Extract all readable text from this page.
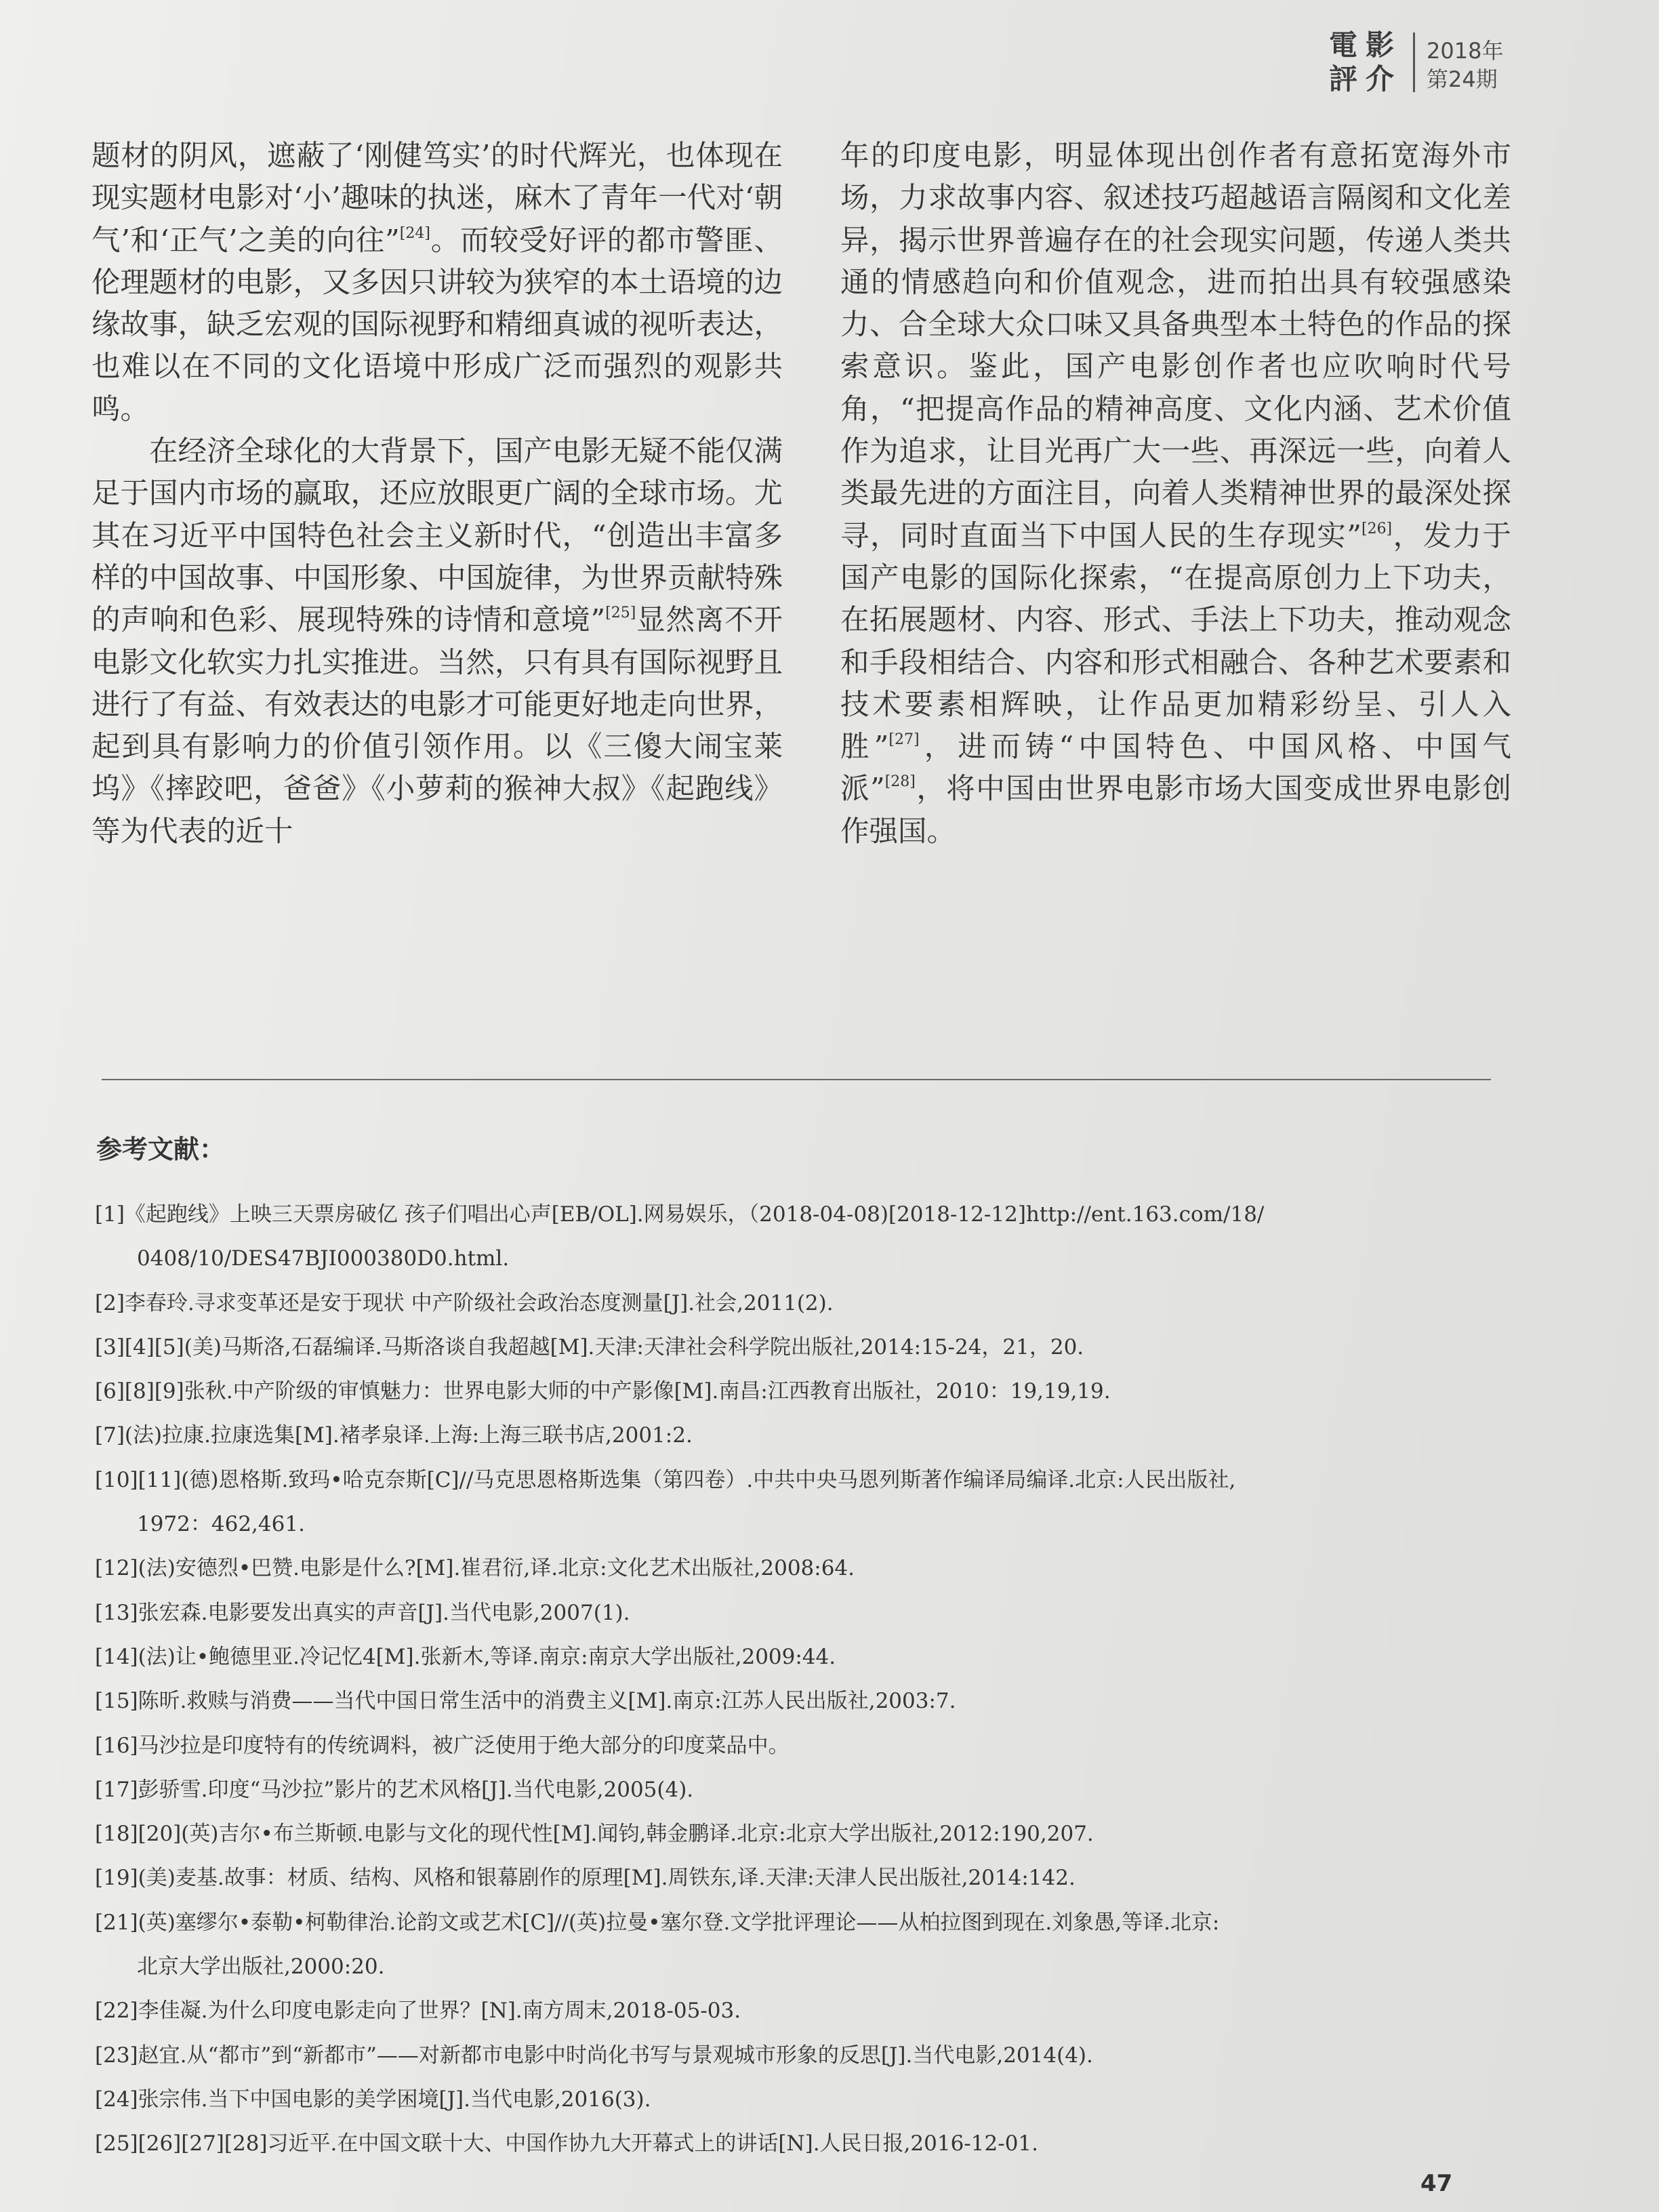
電 影
評 介
2018年
第24期

题材的阴风，遮蔽了‘刚健笃实’的时代辉光，也体现在现实题材电影对‘小’趣味的执迷，麻木了青年一代对‘朝气’和‘正气’之美的向往”[24]。而较受好评的都市警匪、伦理题材的电影，又多因只讲较为狭窄的本土语境的边缘故事，缺乏宏观的国际视野和精细真诚的视听表达，也难以在不同的文化语境中形成广泛而强烈的观影共鸣。

在经济全球化的大背景下，国产电影无疑不能仅满足于国内市场的赢取，还应放眼更广阔的全球市场。尤其在习近平中国特色社会主义新时代，“创造出丰富多样的中国故事、中国形象、中国旋律，为世界贡献特殊的声响和色彩、展现特殊的诗情和意境”[25]显然离不开电影文化软实力扎实推进。当然，只有具有国际视野且进行了有益、有效表达的电影才可能更好地走向世界，起到具有影响力的价值引领作用。以《三傻大闹宝莱坞》《摔跤吧，爸爸》《小萝莉的猴神大叔》《起跑线》等为代表的近十

年的印度电影，明显体现出创作者有意拓宽海外市场，力求故事内容、叙述技巧超越语言隔阂和文化差异，揭示世界普遍存在的社会现实问题，传递人类共通的情感趋向和价值观念，进而拍出具有较强感染力、合全球大众口味又具备典型本土特色的作品的探索意识。鉴此，国产电影创作者也应吹响时代号角，“把提高作品的精神高度、文化内涵、艺术价值作为追求，让目光再广大一些、再深远一些，向着人类最先进的方面注目，向着人类精神世界的最深处探寻，同时直面当下中国人民的生存现实”[26]，发力于国产电影的国际化探索，“在提高原创力上下功夫，在拓展题材、内容、形式、手法上下功夫，推动观念和手段相结合、内容和形式相融合、各种艺术要素和技术要素相辉映，让作品更加精彩纷呈、引人入胜”[27]，进而铸“中国特色、中国风格、中国气派”[28]，将中国由世界电影市场大国变成世界电影创作强国。

参考文献：
[1]《起跑线》上映三天票房破亿 孩子们唱出心声[EB/OL].网易娱乐，（2018-04-08)[2018-12-12]http://ent.163.com/18/
0408/10/DES47BJI000380D0.html.
[2]李春玲.寻求变革还是安于现状 中产阶级社会政治态度测量[J].社会,2011(2).
[3][4][5](美)马斯洛,石磊编译.马斯洛谈自我超越[M].天津:天津社会科学院出版社,2014:15-24，21，20.
[6][8][9]张秋.中产阶级的审慎魅力：世界电影大师的中产影像[M].南昌:江西教育出版社，2010：19,19,19.
[7](法)拉康.拉康选集[M].褚孝泉译.上海:上海三联书店,2001:2.
[10][11](德)恩格斯.致玛•哈克奈斯[C]//马克思恩格斯选集（第四卷）.中共中央马恩列斯著作编译局编译.北京:人民出版社,
1972：462,461.
[12](法)安德烈•巴赞.电影是什么?[M].崔君衍,译.北京:文化艺术出版社,2008:64.
[13]张宏森.电影要发出真实的声音[J].当代电影,2007(1).
[14](法)让•鲍德里亚.冷记忆4[M].张新木,等译.南京:南京大学出版社,2009:44.
[15]陈昕.救赎与消费——当代中国日常生活中的消费主义[M].南京:江苏人民出版社,2003:7.
[16]马沙拉是印度特有的传统调料，被广泛使用于绝大部分的印度菜品中。
[17]彭骄雪.印度“马沙拉”影片的艺术风格[J].当代电影,2005(4).
[18][20](英)吉尔•布兰斯顿.电影与文化的现代性[M].闻钧,韩金鹏译.北京:北京大学出版社,2012:190,207.
[19](美)麦基.故事：材质、结构、风格和银幕剧作的原理[M].周铁东,译.天津:天津人民出版社,2014:142.
[21](英)塞缪尔•泰勒•柯勒律治.论韵文或艺术[C]//(英)拉曼•塞尔登.文学批评理论——从柏拉图到现在.刘象愚,等译.北京:
北京大学出版社,2000:20.
[22]李佳凝.为什么印度电影走向了世界？[N].南方周末,2018-05-03.
[23]赵宜.从“都市”到“新都市”——对新都市电影中时尚化书写与景观城市形象的反思[J].当代电影,2014(4).
[24]张宗伟.当下中国电影的美学困境[J].当代电影,2016(3).
[25][26][27][28]习近平.在中国文联十大、中国作协九大开幕式上的讲话[N].人民日报,2016-12-01.
47
